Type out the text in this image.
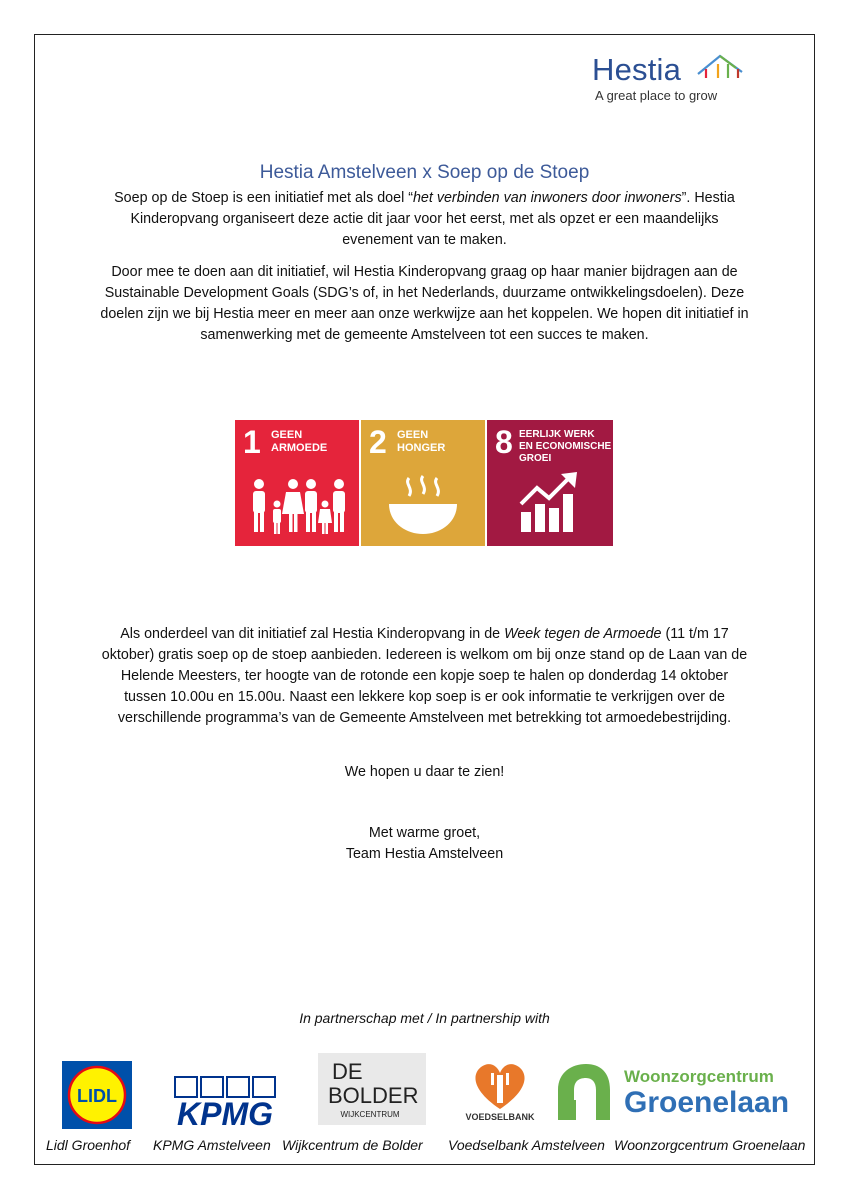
Hestia
A great place to grow
Hestia Amstelveen x Soep op de Stoep

Soep op de Stoep is een initiatief met als doel “het verbinden van inwoners door inwoners”. Hestia Kinderopvang organiseert deze actie dit jaar voor het eerst, met als opzet er een maandelijks evenement van te maken.

Door mee te doen aan dit initiatief, wil Hestia Kinderopvang graag op haar manier bijdragen aan de Sustainable Development Goals (SDG’s of, in het Nederlands, duurzame ontwikkelingsdoelen). Deze doelen zijn we bij Hestia meer en meer aan onze werkwijze aan het koppelen. We hopen dit initiatief in samenwerking met de gemeente Amstelveen tot een succes te maken.

1 GEEN
ARMOEDE 2 GEEN
HONGER 8 EERLIJK WERK
EN ECONOMISCHE
GROEI

Als onderdeel van dit initiatief zal Hestia Kinderopvang in de Week tegen de Armoede (11 t/m 17 oktober) gratis soep op de stoep aanbieden. Iedereen is welkom om bij onze stand op de Laan van de Helende Meesters, ter hoogte van de rotonde een kopje soep te halen op donderdag 14 oktober tussen 10.00u en 15.00u. Naast een lekkere kop soep is er ook informatie te verkrijgen over de verschillende programma’s van de Gemeente Amstelveen met betrekking tot armoedebestrijding.

We hopen u daar te zien!

Met warme groet,
Team Hestia Amstelveen

In partnerschap met / In partnership with
LIDL KPMG
DE
BOLDER
WIJKCENTRUM	VOEDSELBANK
Woonzorgcentrum
Groenelaan
Lidl Groenhof KPMG Amstelveen Wijkcentrum de Bolder Voedselbank Amstelveen Woonzorgcentrum Groenelaan
